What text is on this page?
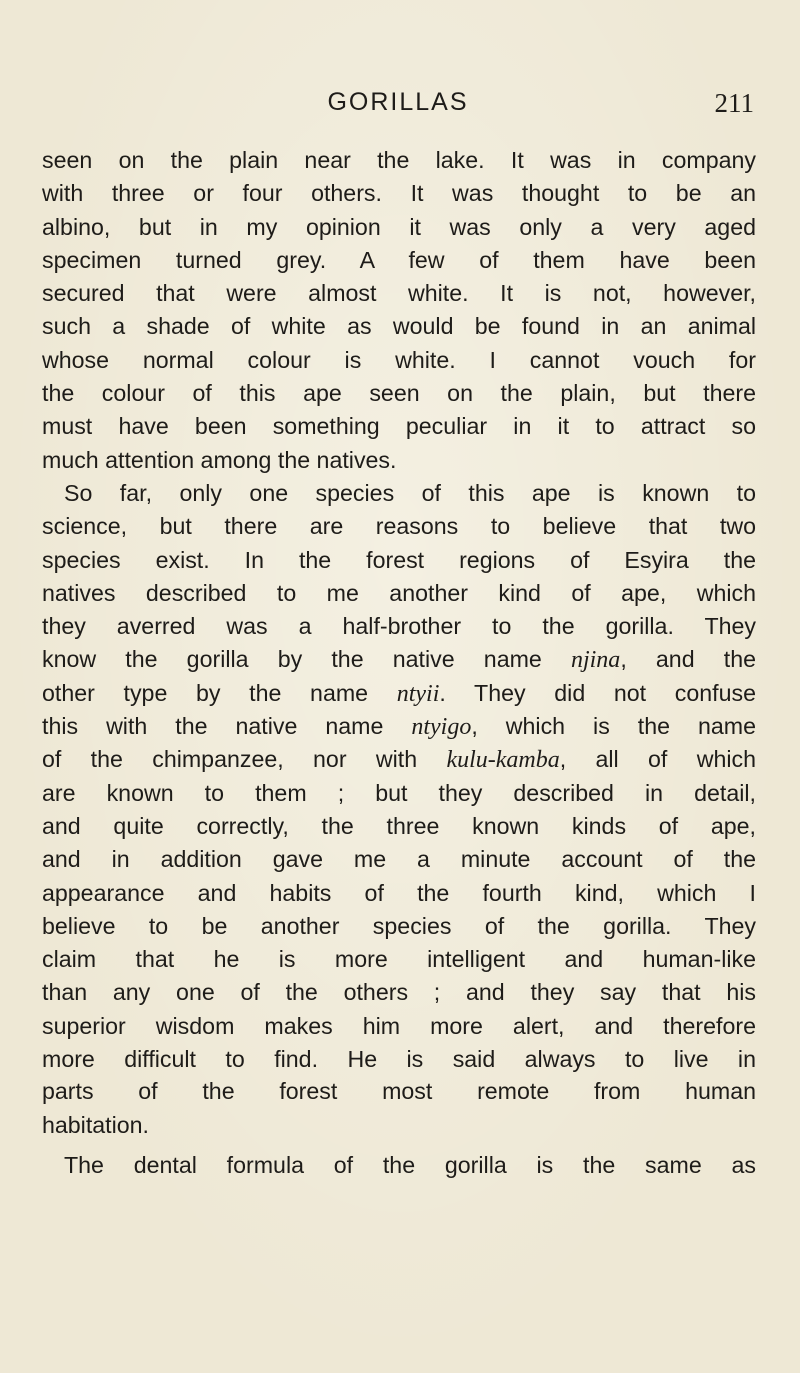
GORILLAS	211
seen on the plain near the lake. It was in company
with three or four others. It was thought to be an
albino, but in my opinion it was only a very aged
specimen turned grey. A few of them have been
secured that were almost white. It is not, however,
such a shade of white as would be found in an animal
whose normal colour is white. I cannot vouch for
the colour of this ape seen on the plain, but there
must have been something peculiar in it to attract so
much attention among the natives.
So far, only one species of this ape is known to
science, but there are reasons to believe that two
species exist. In the forest regions of Esyira the
natives described to me another kind of ape, which
they averred was a half-brother to the gorilla. They
know the gorilla by the native name njina, and the
other type by the name ntyii. They did not confuse
this with the native name ntyigo, which is the name
of the chimpanzee, nor with kulu-kamba, all of which
are known to them ; but they described in detail,
and quite correctly, the three known kinds of ape,
and in addition gave me a minute account of the
appearance and habits of the fourth kind, which I
believe to be another species of the gorilla. They
claim that he is more intelligent and human-like
than any one of the others ; and they say that his
superior wisdom makes him more alert, and therefore
more difficult to find. He is said always to live in
parts of the forest most remote from human
habitation.
The dental formula of the gorilla is the same as
